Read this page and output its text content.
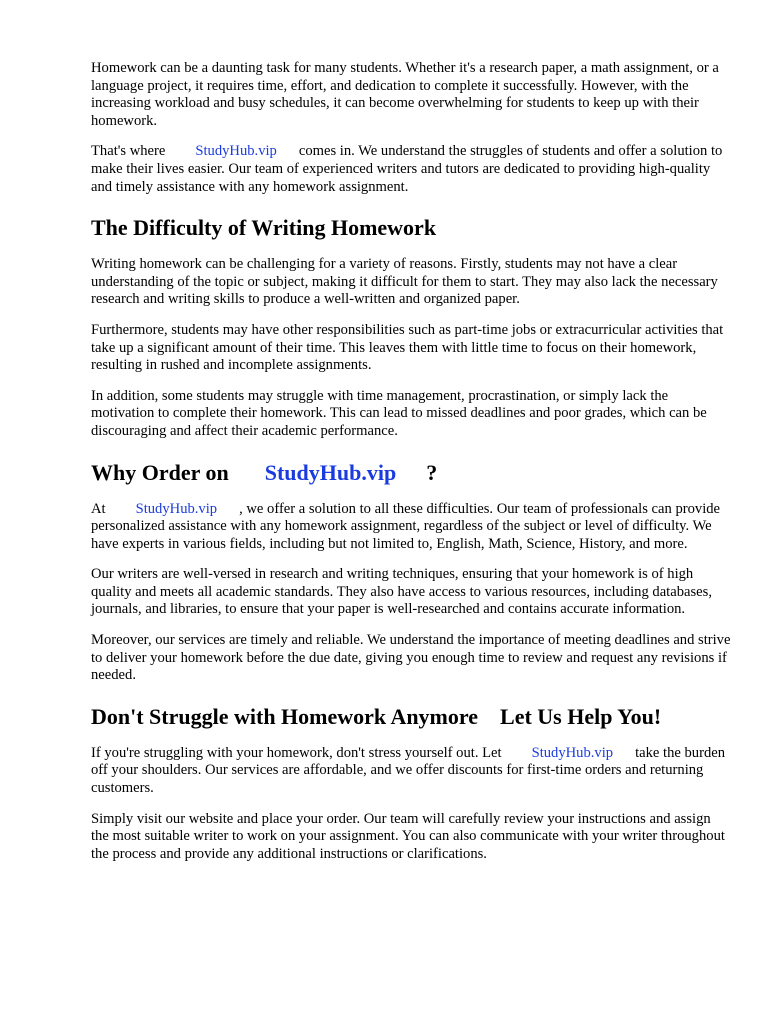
Homework can be a daunting task for many students. Whether it's a research paper, a math assignment, or a language project, it requires time, effort, and dedication to complete it successfully. However, with the increasing workload and busy schedules, it can become overwhelming for students to keep up with their homework.

That's where StudyHub.vip comes in. We understand the struggles of students and offer a solution to make their lives easier. Our team of experienced writers and tutors are dedicated to providing high-quality and timely assistance with any homework assignment.

The Difficulty of Writing Homework

Writing homework can be challenging for a variety of reasons. Firstly, students may not have a clear understanding of the topic or subject, making it difficult for them to start. They may also lack the necessary research and writing skills to produce a well-written and organized paper.

Furthermore, students may have other responsibilities such as part-time jobs or extracurricular activities that take up a significant amount of their time. This leaves them with little time to focus on their homework, resulting in rushed and incomplete assignments.

In addition, some students may struggle with time management, procrastination, or simply lack the motivation to complete their homework. This can lead to missed deadlines and poor grades, which can be discouraging and affect their academic performance.

Why Order on StudyHub.vip ?

At StudyHub.vip , we offer a solution to all these difficulties. Our team of professionals can provide personalized assistance with any homework assignment, regardless of the subject or level of difficulty. We have experts in various fields, including but not limited to, English, Math, Science, History, and more.

Our writers are well-versed in research and writing techniques, ensuring that your homework is of high quality and meets all academic standards. They also have access to various resources, including databases, journals, and libraries, to ensure that your paper is well-researched and contains accurate information.

Moreover, our services are timely and reliable. We understand the importance of meeting deadlines and strive to deliver your homework before the due date, giving you enough time to review and request any revisions if needed.

Don't Struggle with Homework Anymore Let Us Help You!

If you're struggling with your homework, don't stress yourself out. Let StudyHub.vip take the burden off your shoulders. Our services are affordable, and we offer discounts for first-time orders and returning customers.

Simply visit our website and place your order. Our team will carefully review your instructions and assign the most suitable writer to work on your assignment. You can also communicate with your writer throughout the process and provide any additional instructions or clarifications.
